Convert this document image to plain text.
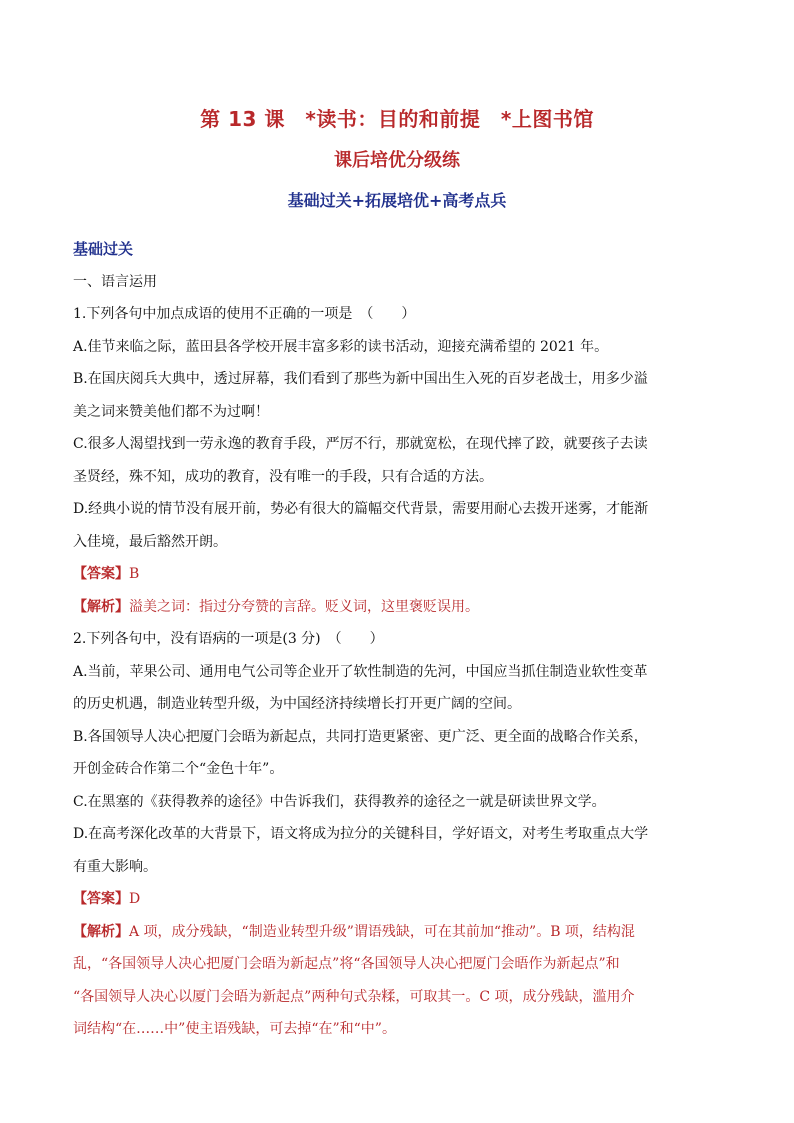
第 13 课　*读书：目的和前提　*上图书馆
课后培优分级练
基础过关+拓展培优+高考点兵
基础过关
一、语言运用
1.下列各句中加点成语的使用不正确的一项是　（　　）
A.佳节来临之际，蓝田县各学校开展丰富多彩的读书活动，迎接充满希望的 2021 年。
B.在国庆阅兵大典中，透过屏幕，我们看到了那些为新中国出生入死的百岁老战士，用多少溢
美之词来赞美他们都不为过啊！
C.很多人渴望找到一劳永逸的教育手段，严厉不行，那就宽松，在现代摔了跤，就要孩子去读
圣贤经，殊不知，成功的教育，没有唯一的手段，只有合适的方法。
D.经典小说的情节没有展开前，势必有很大的篇幅交代背景，需要用耐心去拨开迷雾，才能渐
入佳境，最后豁然开朗。
【答案】B
【解析】溢美之词：指过分夸赞的言辞。贬义词，这里褒贬误用。
2.下列各句中，没有语病的一项是(3 分)　（　　）
A.当前，苹果公司、通用电气公司等企业开了软性制造的先河，中国应当抓住制造业软性变革
的历史机遇，制造业转型升级，为中国经济持续增长打开更广阔的空间。
B.各国领导人决心把厦门会晤为新起点，共同打造更紧密、更广泛、更全面的战略合作关系，
开创金砖合作第二个“金色十年”。
C.在黑塞的《获得教养的途径》中告诉我们，获得教养的途径之一就是研读世界文学。
D.在高考深化改革的大背景下，语文将成为拉分的关键科目，学好语文，对考生考取重点大学
有重大影响。
【答案】D
【解析】A 项，成分残缺，“制造业转型升级”谓语残缺，可在其前加“推动”。B 项，结构混
乱，“各国领导人决心把厦门会晤为新起点”将“各国领导人决心把厦门会晤作为新起点”和
“各国领导人决心以厦门会晤为新起点”两种句式杂糅，可取其一。C 项，成分残缺，滥用介
词结构“在……中”使主语残缺，可去掉“在”和“中”。
